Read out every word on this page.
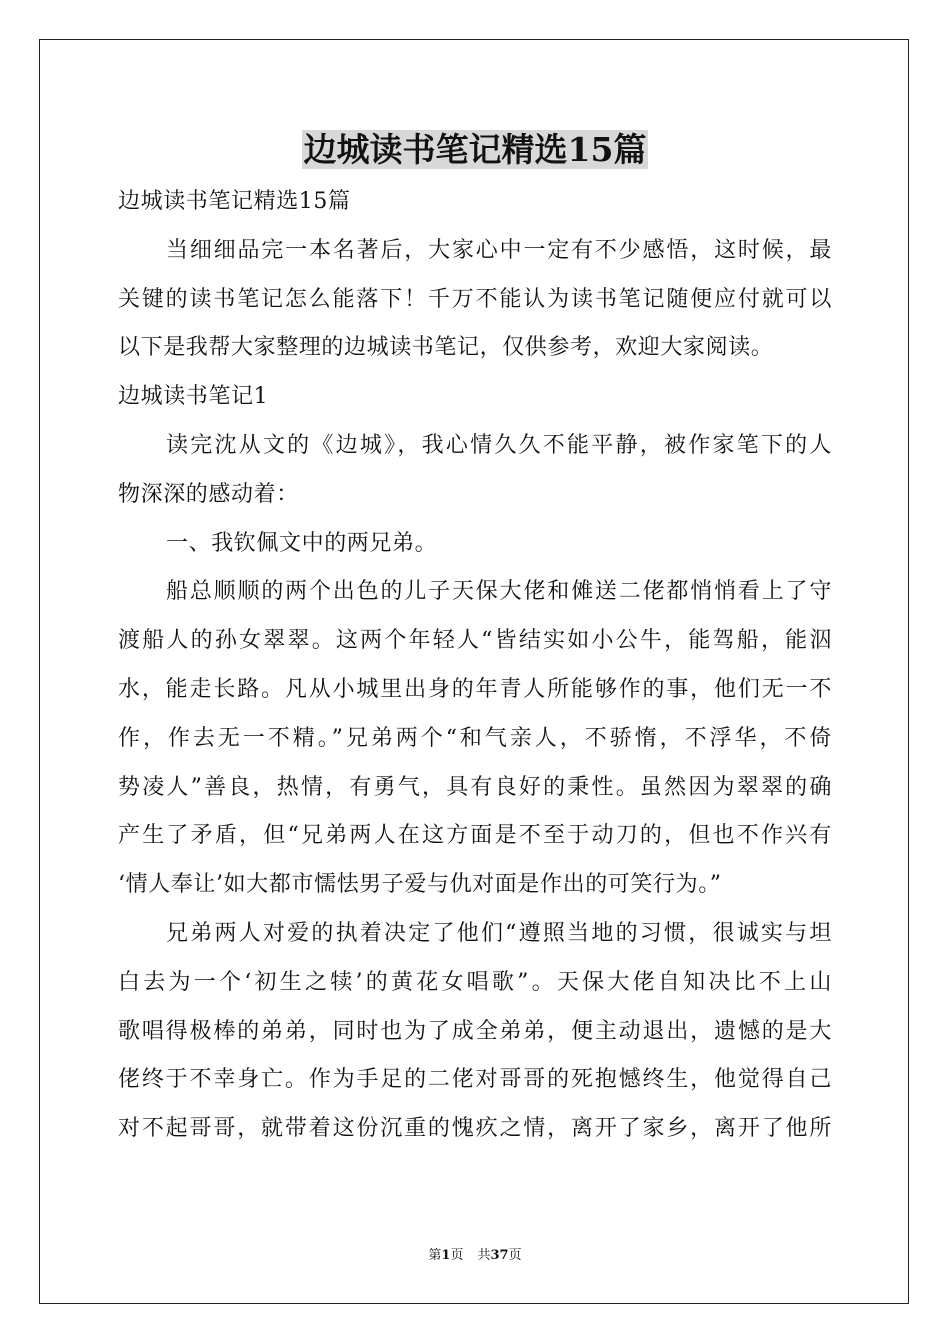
边城读书笔记精选15篇
边城读书笔记精选15篇
当细细品完一本名著后，大家心中一定有不少感悟，这时候，最
关键的读书笔记怎么能落下！千万不能认为读书笔记随便应付就可以
以下是我帮大家整理的边城读书笔记，仅供参考，欢迎大家阅读。
边城读书笔记1
读完沈从文的《边城》，我心情久久不能平静，被作家笔下的人
物深深的感动着：
一、我钦佩文中的两兄弟。
船总顺顺的两个出色的儿子天保大佬和傩送二佬都悄悄看上了守
渡船人的孙女翠翠。这两个年轻人“皆结实如小公牛，能驾船，能泅
水，能走长路。凡从小城里出身的年青人所能够作的事，他们无一不
作，作去无一不精。”兄弟两个“和气亲人，不骄惰，不浮华，不倚
势凌人”善良，热情，有勇气，具有良好的秉性。虽然因为翠翠的确
产生了矛盾，但“兄弟两人在这方面是不至于动刀的，但也不作兴有
‘情人奉让’如大都市懦怯男子爱与仇对面是作出的可笑行为。”
兄弟两人对爱的执着决定了他们“遵照当地的习惯，很诚实与坦
白去为一个‘初生之犊’的黄花女唱歌”。天保大佬自知决比不上山
歌唱得极棒的弟弟，同时也为了成全弟弟，便主动退出，遗憾的是大
佬终于不幸身亡。作为手足的二佬对哥哥的死抱憾终生，他觉得自己
对不起哥哥，就带着这份沉重的愧疚之情，离开了家乡，离开了他所
第1页 共37页
